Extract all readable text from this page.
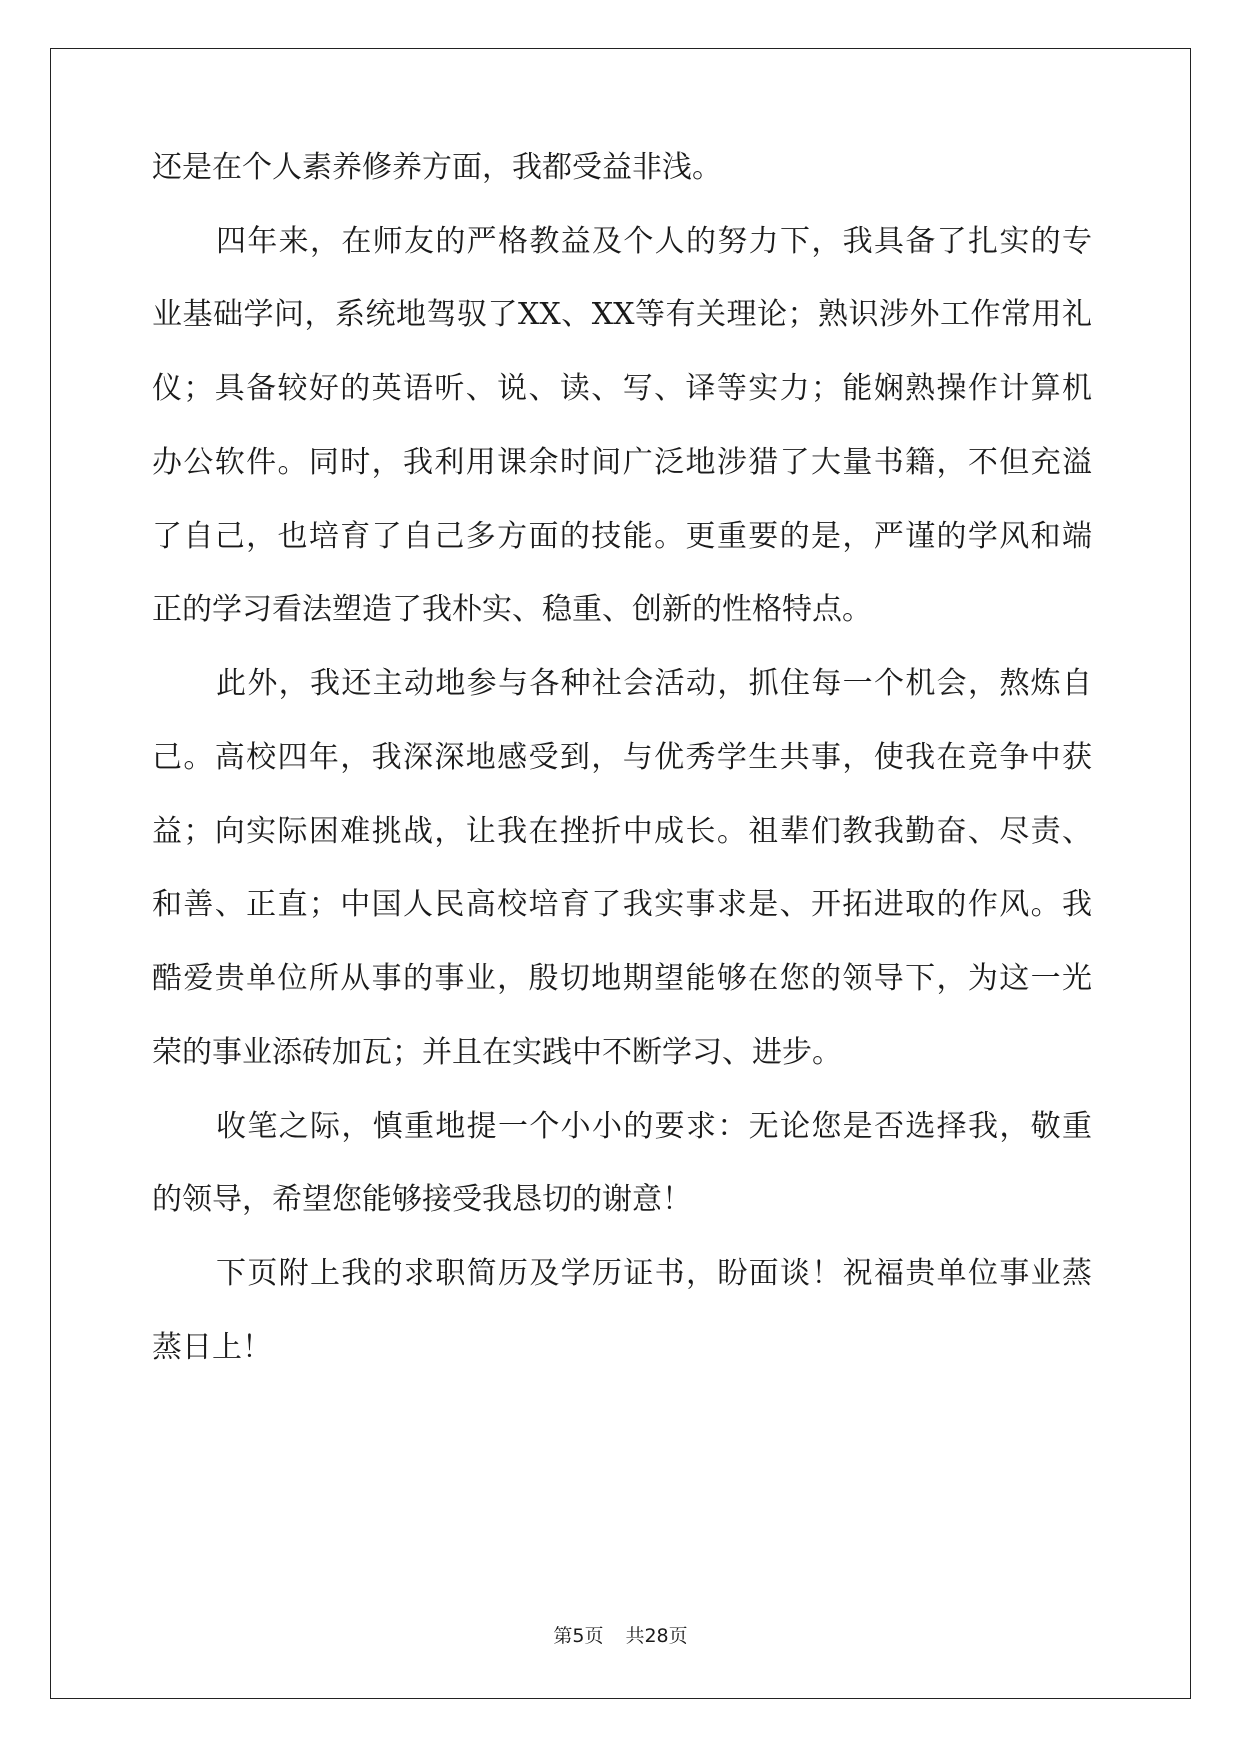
还是在个人素养修养方面，我都受益非浅。
四年来，在师友的严格教益及个人的努力下，我具备了扎实的专
业基础学问，系统地驾驭了XX、XX等有关理论；熟识涉外工作常用礼
仪；具备较好的英语听、说、读、写、译等实力；能娴熟操作计算机
办公软件。同时，我利用课余时间广泛地涉猎了大量书籍，不但充溢
了自己，也培育了自己多方面的技能。更重要的是，严谨的学风和端
正的学习看法塑造了我朴实、稳重、创新的性格特点。
此外，我还主动地参与各种社会活动，抓住每一个机会，熬炼自
己。高校四年，我深深地感受到，与优秀学生共事，使我在竞争中获
益；向实际困难挑战，让我在挫折中成长。祖辈们教我勤奋、尽责、
和善、正直；中国人民高校培育了我实事求是、开拓进取的作风。我
酷爱贵单位所从事的事业，殷切地期望能够在您的领导下，为这一光
荣的事业添砖加瓦；并且在实践中不断学习、进步。
收笔之际，慎重地提一个小小的要求：无论您是否选择我，敬重
的领导，希望您能够接受我恳切的谢意！
下页附上我的求职简历及学历证书，盼面谈！祝福贵单位事业蒸
蒸日上！
第5页 共28页
